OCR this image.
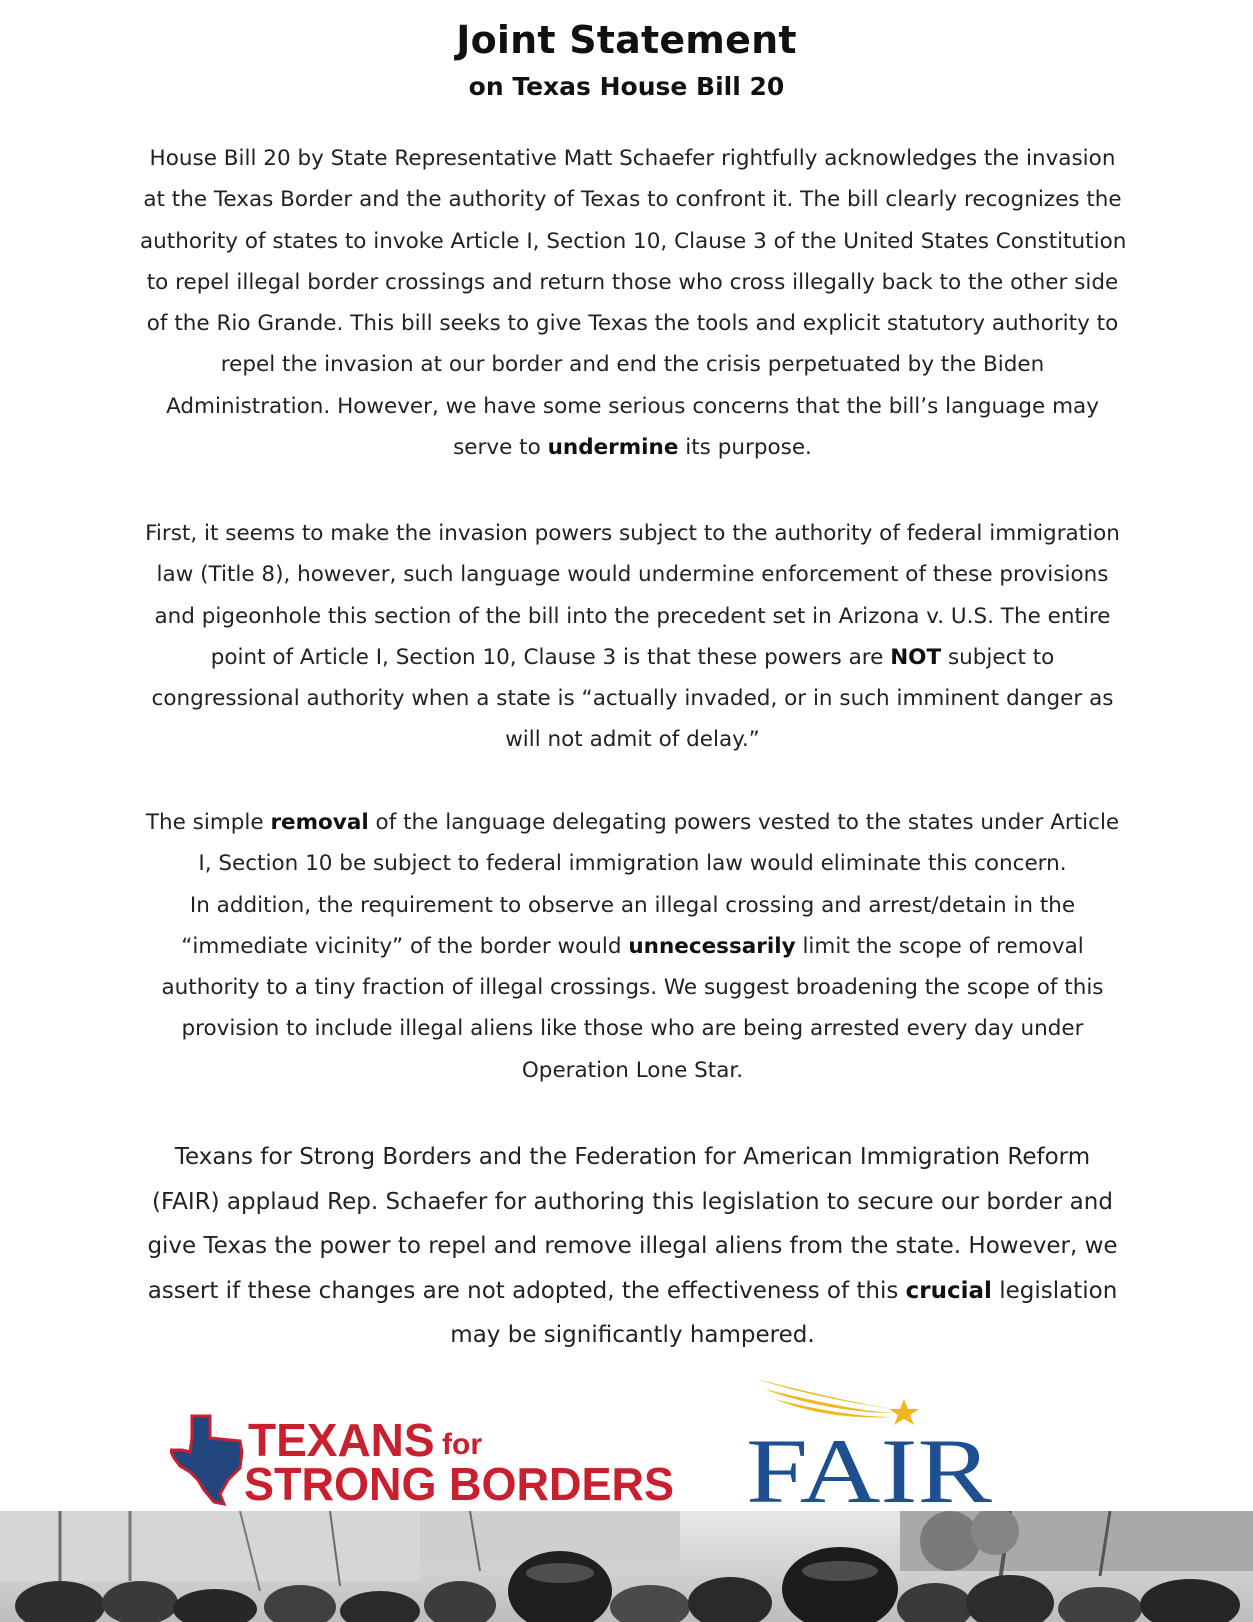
Joint Statement
on Texas House Bill 20
House Bill 20 by State Representative Matt Schaefer rightfully acknowledges the invasion
at the Texas Border and the authority of Texas to confront it. The bill clearly recognizes the
authority of states to invoke Article I, Section 10, Clause 3 of the United States Constitution
to repel illegal border crossings and return those who cross illegally back to the other side
of the Rio Grande. This bill seeks to give Texas the tools and explicit statutory authority to
repel the invasion at our border and end the crisis perpetuated by the Biden
Administration. However, we have some serious concerns that the bill’s language may
serve to undermine its purpose.
First, it seems to make the invasion powers subject to the authority of federal immigration
law (Title 8), however, such language would undermine enforcement of these provisions
and pigeonhole this section of the bill into the precedent set in Arizona v. U.S. The entire
point of Article I, Section 10, Clause 3 is that these powers are NOT subject to
congressional authority when a state is “actually invaded, or in such imminent danger as
will not admit of delay.”
The simple removal of the language delegating powers vested to the states under Article
I, Section 10 be subject to federal immigration law would eliminate this concern.
In addition, the requirement to observe an illegal crossing and arrest/detain in the
“immediate vicinity” of the border would unnecessarily limit the scope of removal
authority to a tiny fraction of illegal crossings. We suggest broadening the scope of this
provision to include illegal aliens like those who are being arrested every day under
Operation Lone Star.
Texans for Strong Borders and the Federation for American Immigration Reform
(FAIR) applaud Rep. Schaefer for authoring this legislation to secure our border and
give Texas the power to repel and remove illegal aliens from the state. However, we
assert if these changes are not adopted, the effectiveness of this crucial legislation
may be significantly hampered.
TEXANS for
STRONG BORDERS FAIR
